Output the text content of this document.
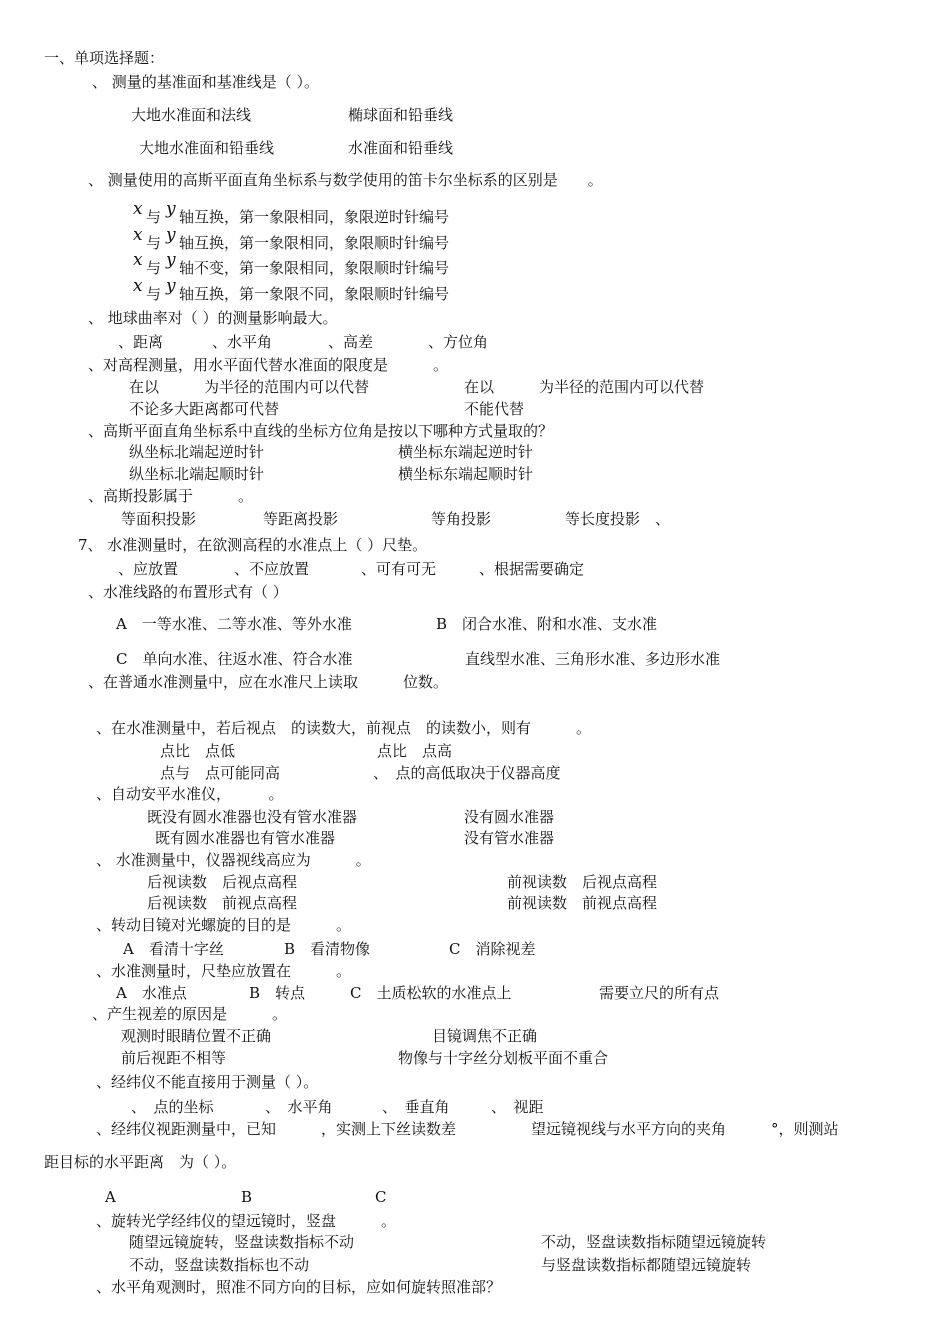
一、单项选择题：
、 测量的基准面和基准线是（ ）。
大地水准面和法线	椭球面和铅垂线
大地水准面和铅垂线	水准面和铅垂线
、 测量使用的高斯平面直角坐标系与数学使用的笛卡尔坐标系的区别是　　。
x 与 y 轴互换，第一象限相同，象限逆时针编号
x 与 y 轴互换，第一象限相同，象限顺时针编号
x 与 y 轴不变，第一象限相同，象限顺时针编号
x 与 y 轴互换，第一象限不同，象限顺时针编号
、 地球曲率对（ ）的测量影响最大。
、距离	、水平角	、高差	、方位角
、对高程测量，用水平面代替水准面的限度是　　　。
在以　　　为半径的范围内可以代替	在以　　　为半径的范围内可以代替
不论多大距离都可代替	不能代替
、高斯平面直角坐标系中直线的坐标方位角是按以下哪种方式量取的？
纵坐标北端起逆时针	横坐标东端起逆时针
纵坐标北端起顺时针	横坐标东端起顺时针
、高斯投影属于　　　。
等面积投影	等距离投影	等角投影	等长度投影　、
7、 水准测量时，在欲测高程的水准点上（ ）尺垫。
、应放置	、不应放置	、可有可无	、根据需要确定
、水准线路的布置形式有（ ）
A　一等水准、二等水准、等外水准	B　闭合水准、附和水准、支水准
C　单向水准、往返水准、符合水准	直线型水准、三角形水准、多边形水准
、在普通水准测量中，应在水准尺上读取　　　位数。
、在水准测量中，若后视点　的读数大，前视点　的读数小，则有　　　。
点比　点低	点比　点高
点与　点可能同高	、　点的高低取决于仪器高度
、自动安平水准仪，　　　。
既没有圆水准器也没有管水准器	没有圆水准器
既有圆水准器也有管水准器	没有管水准器
、 水准测量中，仪器视线高应为　　　。
后视读数　后视点高程	前视读数　后视点高程
后视读数　前视点高程	前视读数　前视点高程
、转动目镜对光螺旋的目的是　　　。
A　看清十字丝	B　看清物像	C　消除视差
、水准测量时，尺垫应放置在　　　。
A　水准点	B　转点	C　土质松软的水准点上	需要立尺的所有点
、产生视差的原因是　　　。
观测时眼睛位置不正确	目镜调焦不正确
前后视距不相等	物像与十字丝分划板平面不重合
、经纬仪不能直接用于测量（ ）。
、　点的坐标	、　水平角	、　垂直角	、　视距
、经纬仪视距测量中，已知　　　，实测上下丝读数差　　　　　望远镜视线与水平方向的夹角　　　°，则测站
距目标的水平距离　为（ ）。
A	B	C
、旋转光学经纬仪的望远镜时，竖盘　　　。
随望远镜旋转，竖盘读数指标不动	不动，竖盘读数指标随望远镜旋转
不动，竖盘读数指标也不动	与竖盘读数指标都随望远镜旋转
、水平角观测时，照准不同方向的目标，应如何旋转照准部？
